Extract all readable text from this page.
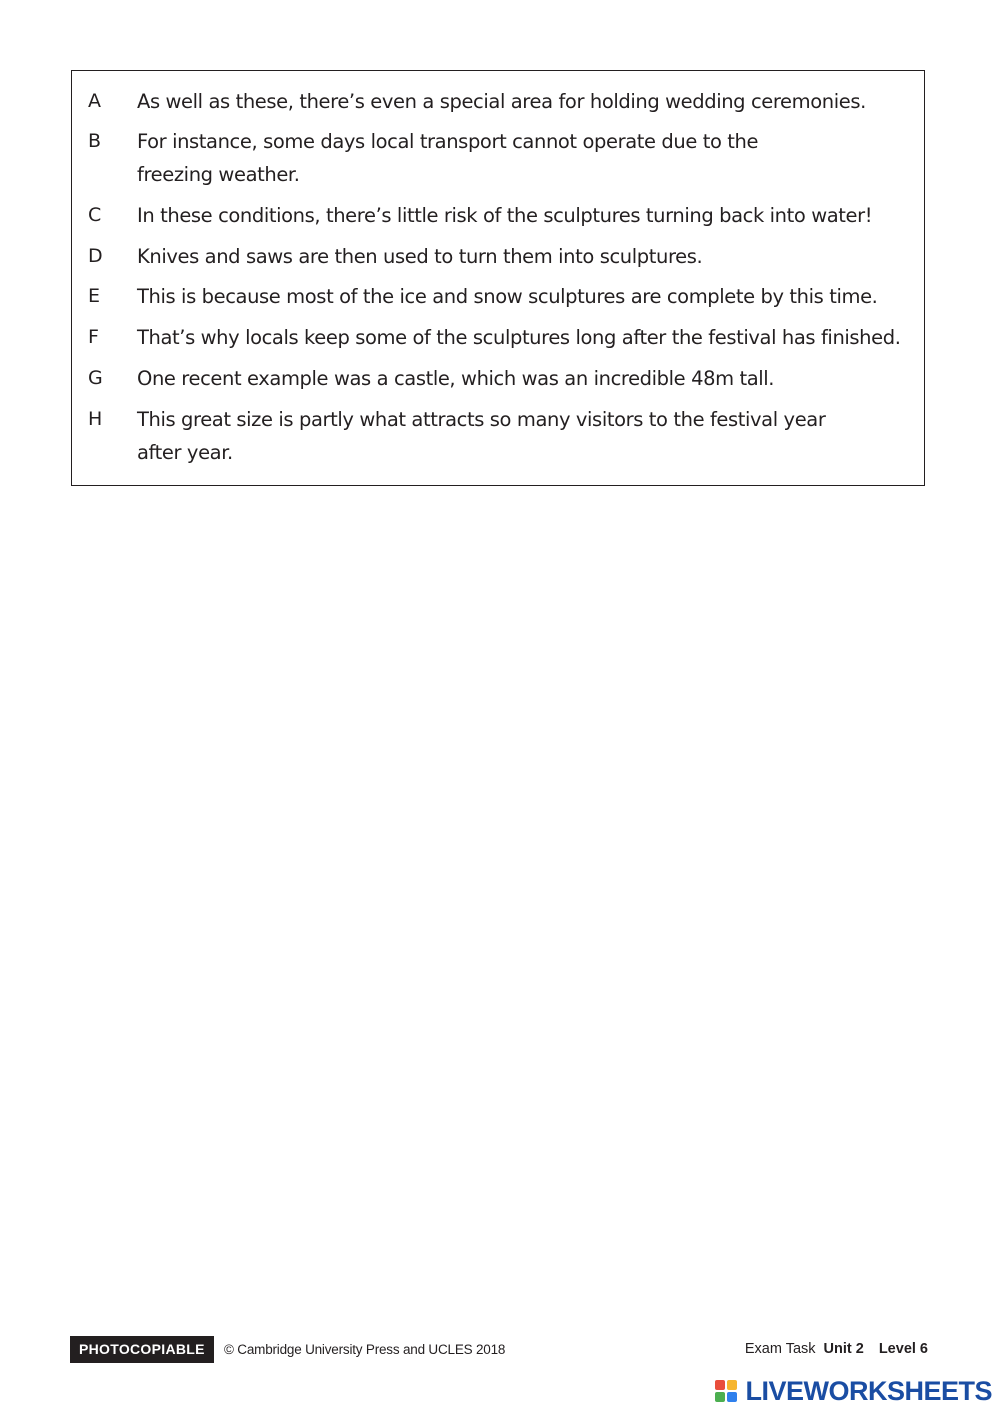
A As well as these, there’s even a special area for holding wedding ceremonies.
B For instance, some days local transport cannot operate due to the
freezing weather.
C In these conditions, there’s little risk of the sculptures turning back into water!
D Knives and saws are then used to turn them into sculptures.
E This is because most of the ice and snow sculptures are complete by this time.
F That’s why locals keep some of the sculptures long after the festival has finished.
G One recent example was a castle, which was an incredible 48m tall.
H This great size is partly what attracts so many visitors to the festival year
after year.
PHOTOCOPIABLE	© Cambridge University Press and UCLES 2018	Exam Task Unit 2 Level 6
LIVEWORKSHEETS
